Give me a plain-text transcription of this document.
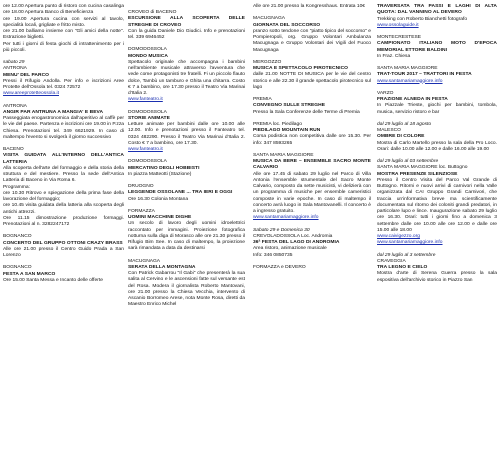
ore 12.00 Apertura punto di ristoro con cucina casalinga

ore 18.00 Apertura Banco di Beneficienza

ore 19.00 Apertura cucina con servizi al tavolo, specialità locali, grigliate e fritto misto.

ore 21.00 balliamo insieme con "Gli amici della notte". Estrazione biglietti.

Per tutti i giorni di festa giochi di intrattenimento per i più piccoli.

sabato 29

ANTRONA

MENU' DEL PARCO

Pressi il Rifugio Andolla. Per info e iscrizioni Aree Protette dell'Ossola tel. 0324 72572

www.areeprotetteossola.it

ANTRONA

ANGIR PAR ANTRUNA A MANGIA' E BEVA

Passeggiata enogastronomica dall'aperitivo al caffè per le vie del paese. Partenza e iscrizioni ore 19.00 in P.zza Chiesa. Prenotazioni tel. 349 6621929. In caso di maltempo l'evento si svolgerà il giorno successivo

BACENO

VISITA GUIDATA ALL'INTERNO DELL'ANTICA LATTERIA

Alla scoperta dell'arte del formaggio e della storia della struttura e del mestiere. Presso la sede dell'Antica Latteria di Baceno in Via Roma 6.

Programma:

ore 10.30 Ritrovo e spiegazione della prima fase della lavorazione del formaggio;

ore 10.45 visita guidata della latteria alla scoperta degli antichi attrezzi.

Ore 11.15 dimostrazione produzione formaggi. Prenotazioni al n. 3282247172

BOGNANCO

CONCERTO DEL GRUPPO OTTONI CRAZY BRASS

Alle ore 21.00 presso il Centro Guido Prada a San Lorenzo

BOGNANCO

FESTA A SAN MARCO

Ore 15.00 Santa Messa e Incanto delle offerte

CROVEO di BACENO

ESCURSIONE ALLA SCOPERTA DELLE STREGHE DI CROVEO

Con la guida Daniele Dio Giudici. Info e prenotazioni tel. 339 6946452

DOMODOSSOLA

MONDO MUSICA

Spettacolo originale che accompagna i bambini nell'ambiente musicale attraverso l'avventura che vede come protagonisti tre fratelli. Fi un piccolo flauto dolce, Tambù un tamburo e Ghita una chitarra. Costo € 7 a bambino, ore 17.30 presso il Teatro Via Marinai d'Italia 2.

www.fanteatro.it

DOMODOSSOLA

STORIE ANIMATE

Letture animate per bambini dalle ore 10.00 alle 12.00. Info e prenotazioni presso il Fanteatro tel. 0324 482290. Presso il Teatro Via Marinai d'Italia 2. Costo € 7 a bambino, ore 17.30.

www.fanteatro.it

DOMODOSSOLA

MERCATINO DEGLI HOBBISTI

In piazza Matteotti (Stazione)

DRUOGNO

LEGGENDE OSSOLANE ... TRA IERI E OGGI

Ore 16.30 Colonia Montana

FORMAZZA

UOMINI MACCHINE DIGHE

Un secolo di lavoro degli uomini idroelettrici raccontato per immagini. Proiezione fotografica notturna sulla diga di Morasco alle ore 21.30 presso il Rifugio Bim See. In caso di maltempo, la proiezione sarà rimandata a data da destinarsi

MACUGNAGA

SERATA DELLA MONTAGNA

Con Patrick Gabarrou "Il Gabi" che presenterà la sua salita al Cervino e le ascensioni fatte sul versante est del Rosa. Modera il giornalista Roberto Mantovani, ore 21.00 presso la Chiesa Vecchia, intervento di Ascanio Borromeo Arese, nota Monte Rosa, diretti da Maestro Enrico Michel

Alle ore 21.00 presso la Kongresshaus. Entrata 10€

MACUGNAGA

GIORNATA DEL SOCCORSO

pranzo sotto tendone con "piatto tipico del soccorso" e Pompieropoli, org. Gruppo Volontari Ambulanza Macugnaga e Gruppo Volontari dei Vigili del Fuoco Macugnaga

MERGOZZO

MUSICA E SPETTACOLO PIROTECNICO

dalle 21.00 NOTTE DI MUSICA per le vie del centro storico e alle 22.30 il grande spettacolo pirotecnico sul lago

PREMIA

CONVEGNO SULLE STREGHE

Presso la Sala Conferenze delle Terme di Premia

PREMIA loc. Piedilago

PIEDILAGO MOUNTAIN RUN

Corsa podistica non competitiva dalle ore 15.30. Per info: 347 8593265

SANTA MARIA MAGGIORE

MUSICA DA BERE – ENSEMBLE SACRO MONTE CALVARIO

Alle ore 17.45 di sabato 29 luglio nel Parco di Villa Antonia l'ensemble strumentale del Sacro Monte Calvario, composto da sette musicisti, vi delizierà con un programma di musiche per ensemble cameristici composte in varie epoche. In caso di maltempo il concerto avrà luogo in Sala Mantovanelli. Il concerto è a ingresso gratuito.

www.santamariamaggiore.info

Sabato 29 e Domenica 30

CREVOLADOSSOLA Loc. Andromia

36ª FESTA DEL LAGO DI ANDROMIA

Area ristoro, animazione musicale

Info: 346 0850735

FORMAZZA e DEVERO

TRAVERSATA TRA PASSI E LAGHI DI ALTA QUOTA: DAL VANNINO AL DEVERO

Trekking con Roberto Bianchetti fotografo

www.ossolaguide.it

MONTECRESTESE

CAMPIONATO ITALIANO MOTO D'EPOCA MEMORIAL ETTORE BALDINI

In Fraz. Chiesa

SANTA MARIA MAGGIORE

TRAT-TOUR 2017 – TRATTORI IN FESTA

www.santamariamaggiore.info

VARZO

FRAZIONE ALNEDA IN FESTA

In Piazzale Trieste, giochi per bambini, tombola, musica, servizio ristoro e bar

dal 29 luglio al 18 agosto

MALESCO

OMBRE DI COLORE

Mostra di Carlo Martello presso la sala della Pro Loco. Orari: dalle 10.00 alle 12.00 e dalle 16.00 alle 19.00

dal 29 luglio al 03 settembre

SANTA MARIA MAGGIORE loc. Buttogno

MOSTRA PRESENZE SILENZIOSE

Presso il Centro Visita del Parco Val Grande di Buttogno. Ritorni e nuovi arrivi di carnivori nella Valle organizzata dal CAI Gruppo Grandi Carnivori, che traccia un'informativa breve ma scientificamente documentata sul ritorno dei coloniti grandi predatori, in particolare lupo e lince. Inaugurazione sabato 29 luglio ore 16.30. Orari: tutti i giorni fino a domenica 3 settembre dalle ore 10.00 alle ore 12.00 e dalle ore 15.00 alle 18.00

www.caivigezzo.org
www.santamariamaggiore.info

dal 29 luglio al 3 settembre

CRAVEGGIA

TRA LEGNO E CIELO

Mostra d'arte di Serena Guerra presso la sala espositiva dell'archivio storico in Piazzo San
